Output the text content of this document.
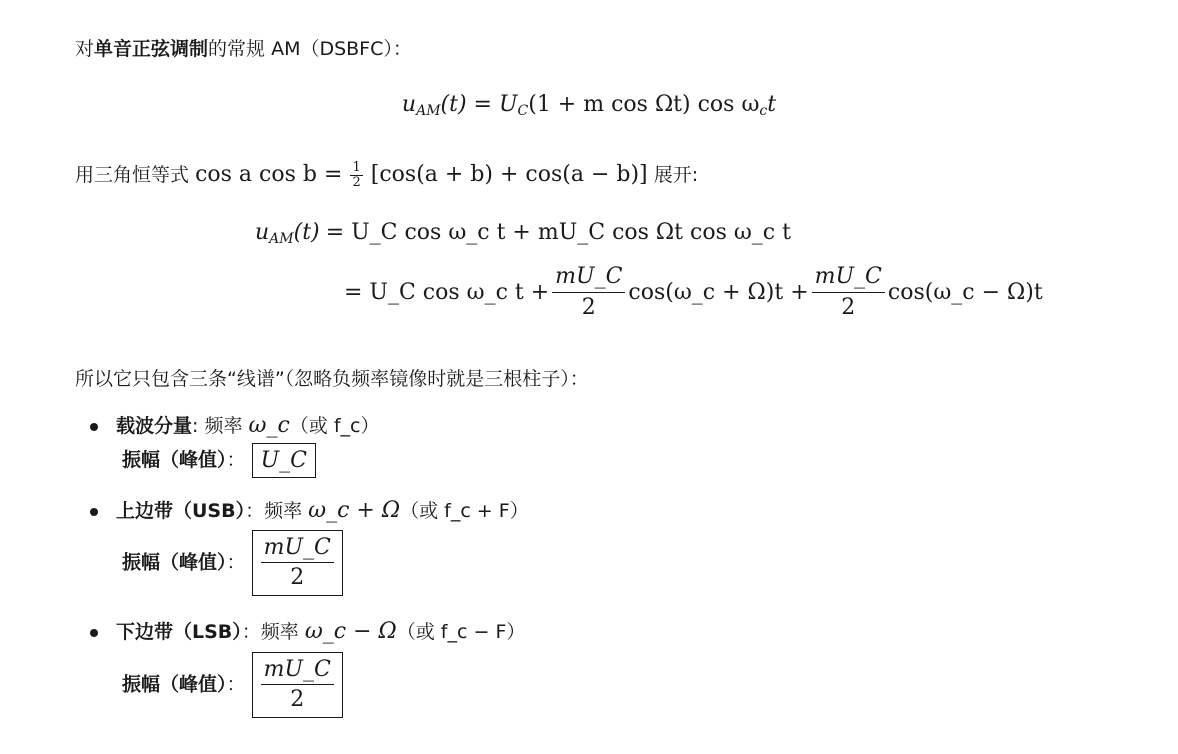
对单音正弦调制的常规 AM（DSBFC）：
$u_{AM}(t) = U_C(1 + m$ cos Ωt) $\cos \omega_ct$
用三角恒等式 cos a $\cos b = \frac{1}{2} [\cos(a + b) + \cos(a - b)]$ 展开:
$u_{AM}(t)$ = U_C cos ω_c t + mU_C cos Ωt cos ω_c t
= U_C cos ω_c $t + \frac{mU\_C}{2}$ cos(ω_c + $\Omega)t + \frac{mU\_C}{2}$ cos(ω_c − Ω)t
所以它只包含三条“线谱”（忽略负频率镜像时就是三根柱子）：
载波分量: 频率 ω_c（或 f_c）
振幅（峰值）： U_C
上边带（USB）：频率 ω_c + Ω（或 f_c + F）
振幅（峰值）： $\frac{mU\_C}{2}$
下边带（LSB）：频率 ω_c − Ω（或 f_c − F）
振幅（峰值）： $\frac{mU\_C}{2}$
